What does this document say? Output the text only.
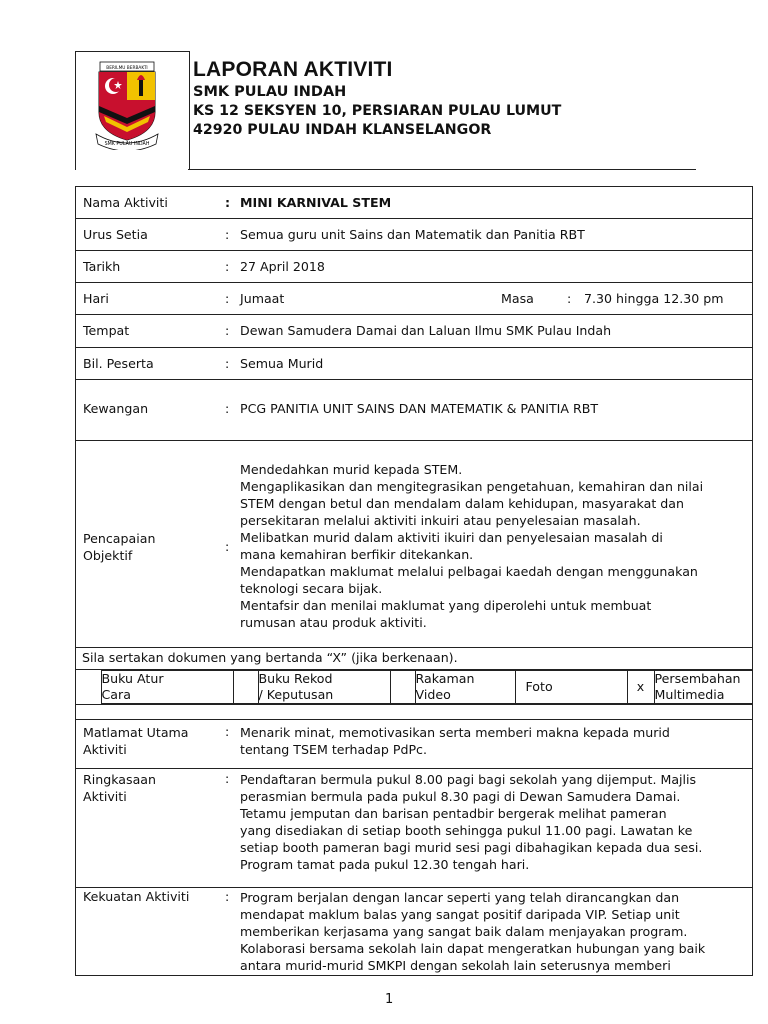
BERILMU BERBAKTI
SMK PULAU INDAH
LAPORAN AKTIVITI
SMK PULAU INDAH
KS 12 SEKSYEN 10, PERSIARAN PULAU LUMUT
42920 PULAU INDAH KLANSELANGOR
Nama Aktiviti	: MINI KARNIVAL STEM

Urus Setia	: Semua guru unit Sains dan Matematik dan Panitia RBT

Tarikh	: 27 April 2018

Hari	: Jumaat	Masa	: 7.30 hingga 12.30 pm

Tempat	: Dewan Samudera Damai dan Laluan Ilmu SMK Pulau Indah

Bil. Peserta	: Semua Murid

Kewangan	: PCG PANITIA UNIT SAINS DAN MATEMATIK & PANITIA RBT

Pencapaian
Objektif
:
Mendedahkan murid kepada STEM.
Mengaplikasikan dan mengitegrasikan pengetahuan, kemahiran dan nilai
STEM dengan betul dan mendalam dalam kehidupan, masyarakat dan
persekitaran melalui aktiviti inkuiri atau penyelesaian masalah.
Melibatkan murid dalam aktiviti ikuiri dan penyelesaian masalah di
mana kemahiran berfikir ditekankan.
Mendapatkan maklumat melalui pelbagai kaedah dengan menggunakan
teknologi secara bijak.
Mentafsir dan menilai maklumat yang diperolehi untuk membuat
rumusan atau produk aktiviti.

Sila sertakan dokumen yang bertanda “X” (jika berkenaan).

Buku Atur
Cara

Buku Rekod
/ Keputusan

Rakaman
Video

Foto	x	
Persembahan
Multimedia

Matlamat Utama
Aktiviti
: Menarik minat, memotivasikan serta memberi makna kepada murid
tentang TSEM terhadap PdPc.

Ringkasaan
Aktiviti
: Pendaftaran bermula pukul 8.00 pagi bagi sekolah yang dijemput. Majlis
perasmian bermula pada pukul 8.30 pagi di Dewan Samudera Damai.
Tetamu jemputan dan barisan pentadbir bergerak melihat pameran
yang disediakan di setiap booth sehingga pukul 11.00 pagi. Lawatan ke
setiap booth pameran bagi murid sesi pagi dibahagikan kepada dua sesi.
Program tamat pada pukul 12.30 tengah hari.

Kekuatan Aktiviti	: Program berjalan dengan lancar seperti yang telah dirancangkan dan
mendapat maklum balas yang sangat positif daripada VIP. Setiap unit
memberikan kerjasama yang sangat baik dalam menjayakan program.
Kolaborasi bersama sekolah lain dapat mengeratkan hubungan yang baik
antara murid-murid SMKPI dengan sekolah lain seterusnya memberi
1
